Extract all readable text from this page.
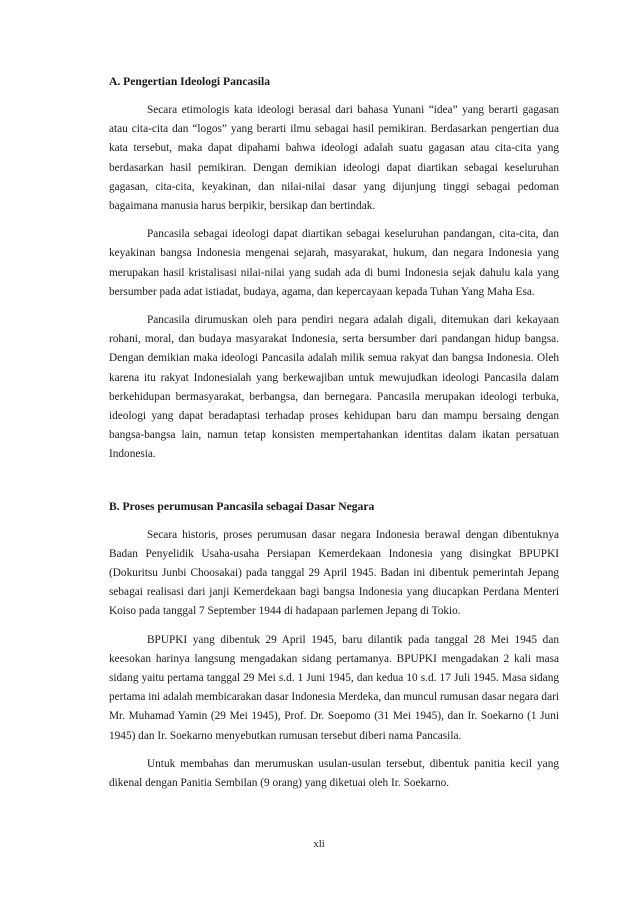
A. Pengertian Ideologi Pancasila

Secara etimologis kata ideologi berasal dari bahasa Yunani “idea” yang berarti gagasan atau cita-cita dan “logos” yang berarti ilmu sebagai hasil pemikiran. Berdasarkan pengertian dua kata tersebut, maka dapat dipahami bahwa ideologi adalah suatu gagasan atau cita-cita yang berdasarkan hasil pemikiran. Dengan demikian ideologi dapat diartikan sebagai keseluruhan gagasan, cita-cita, keyakinan, dan nilai-nilai dasar yang dijunjung tinggi sebagai pedoman bagaimana manusia harus berpikir, bersikap dan bertindak.

Pancasila sebagai ideologi dapat diartikan sebagai keseluruhan pandangan, cita-cita, dan keyakinan bangsa Indonesia mengenai sejarah, masyarakat, hukum, dan negara Indonesia yang merupakan hasil kristalisasi nilai-nilai yang sudah ada di bumi Indonesia sejak dahulu kala yang bersumber pada adat istiadat, budaya, agama, dan kepercayaan kepada Tuhan Yang Maha Esa.

Pancasila dirumuskan oleh para pendiri negara adalah digali, ditemukan dari kekayaan rohani, moral, dan budaya masyarakat Indonesia, serta bersumber dari pandangan hidup bangsa. Dengan demikian maka ideologi Pancasila adalah milik semua rakyat dan bangsa Indonesia. Oleh karena itu rakyat Indonesialah yang berkewajiban untuk mewujudkan ideologi Pancasila dalam berkehidupan bermasyarakat, berbangsa, dan bernegara. Pancasila merupakan ideologi terbuka, ideologi yang dapat beradaptasi terhadap proses kehidupan baru dan mampu bersaing dengan bangsa-bangsa lain, namun tetap konsisten mempertahankan identitas dalam ikatan persatuan Indonesia.

B. Proses perumusan Pancasila sebagai Dasar Negara

Secara historis, proses perumusan dasar negara Indonesia berawal dengan dibentuknya Badan Penyelidik Usaha-usaha Persiapan Kemerdekaan Indonesia yang disingkat BPUPKI (Dokuritsu Junbi Choosakai) pada tanggal 29 April 1945. Badan ini dibentuk pemerintah Jepang sebagai realisasi dari janji Kemerdekaan bagi bangsa Indonesia yang diucapkan Perdana Menteri Koiso pada tanggal 7 September 1944 di hadapaan parlemen Jepang di Tokio.

BPUPKI yang dibentuk 29 April 1945, baru dilantik pada tanggal 28 Mei 1945 dan keesokan harinya langsung mengadakan sidang pertamanya. BPUPKI mengadakan 2 kali masa sidang yaitu pertama tanggal 29 Mei s.d. 1 Juni 1945, dan kedua 10 s.d. 17 Juli 1945. Masa sidang pertama ini adalah membicarakan dasar Indonesia Merdeka, dan muncul rumusan dasar negara dari Mr. Muhamad Yamin (29 Mei 1945), Prof. Dr. Soepomo (31 Mei 1945), dan Ir. Soekarno (1 Juni 1945) dan Ir. Soekarno menyebutkan rumusan tersebut diberi nama Pancasila.

Untuk membahas dan merumuskan usulan-usulan tersebut, dibentuk panitia kecil yang dikenal dengan Panitia Sembilan (9 orang) yang diketuai oleh Ir. Soekarno.

xli
